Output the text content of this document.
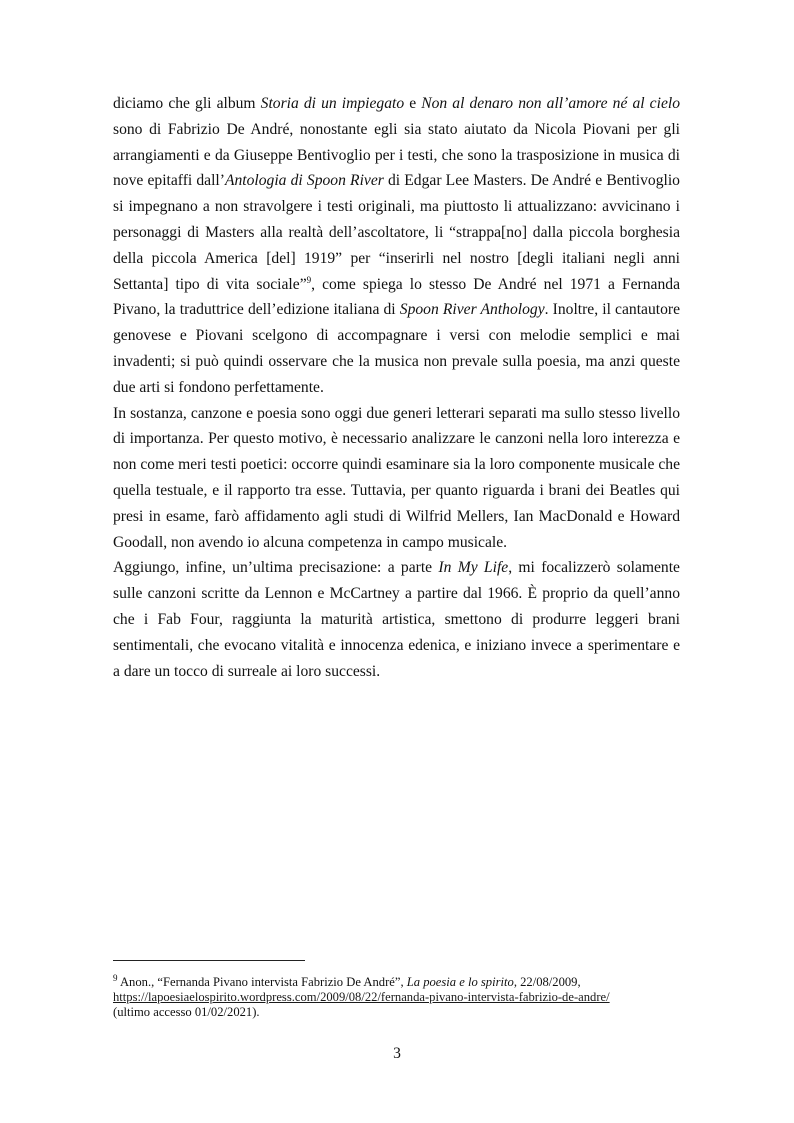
diciamo che gli album Storia di un impiegato e Non al denaro non all’amore né al cielo sono di Fabrizio De André, nonostante egli sia stato aiutato da Nicola Piovani per gli arrangiamenti e da Giuseppe Bentivoglio per i testi, che sono la trasposizione in musica di nove epitaffi dall’Antologia di Spoon River di Edgar Lee Masters. De André e Bentivoglio si impegnano a non stravolgere i testi originali, ma piuttosto li attualizzano: avvicinano i personaggi di Masters alla realtà dell’ascoltatore, li “strappa[no] dalla piccola borghesia della piccola America [del] 1919” per “inserirli nel nostro [degli italiani negli anni Settanta] tipo di vita sociale”$^9$, come spiega lo stesso De André nel 1971 a Fernanda Pivano, la traduttrice dell’edizione italiana di Spoon River Anthology. Inoltre, il cantautore genovese e Piovani scelgono di accompagnare i versi con melodie semplici e mai invadenti; si può quindi osservare che la musica non prevale sulla poesia, ma anzi queste due arti si fondono perfettamente.

In sostanza, canzone e poesia sono oggi due generi letterari separati ma sullo stesso livello di importanza. Per questo motivo, è necessario analizzare le canzoni nella loro interezza e non come meri testi poetici: occorre quindi esaminare sia la loro componente musicale che quella testuale, e il rapporto tra esse. Tuttavia, per quanto riguarda i brani dei Beatles qui presi in esame, farò affidamento agli studi di Wilfrid Mellers, Ian MacDonald e Howard Goodall, non avendo io alcuna competenza in campo musicale.

Aggiungo, infine, un’ultima precisazione: a parte In My Life, mi focalizzerò solamente sulle canzoni scritte da Lennon e McCartney a partire dal 1966. È proprio da quell’anno che i Fab Four, raggiunta la maturità artistica, smettono di produrre leggeri brani sentimentali, che evocano vitalità e innocenza edenica, e iniziano invece a sperimentare e a dare un tocco di surreale ai loro successi.

$^9$ Anon., “Fernanda Pivano intervista Fabrizio De André”, La poesia e lo spirito, 22/08/2009,
https://lapoesiaelospirito.wordpress.com/2009/08/22/fernanda-pivano-intervista-fabrizio-de-andre/
(ultimo accesso 01/02/2021).
3
